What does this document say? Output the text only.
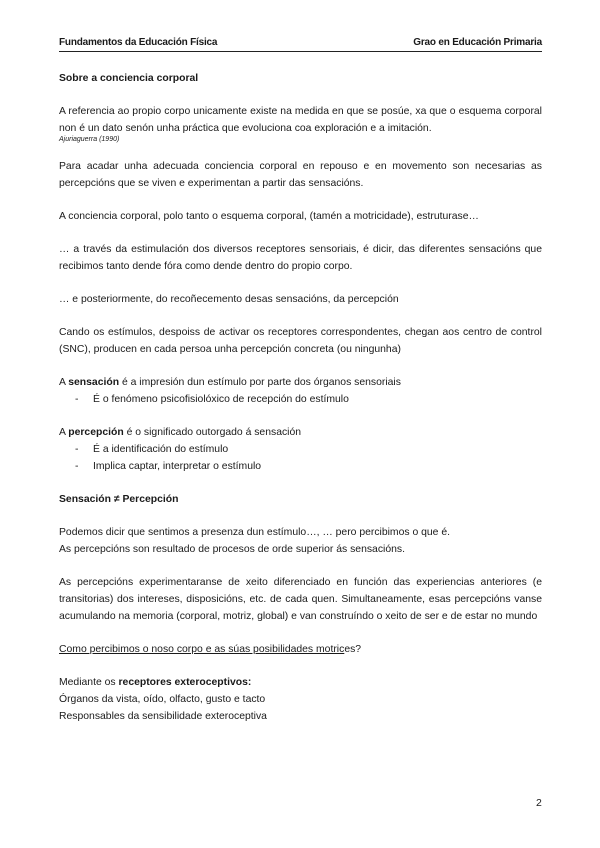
Fundamentos da Educación Física	Grao en Educación Primaria

Sobre a conciencia corporal

A referencia ao propio corpo unicamente existe na medida en que se posúe, xa que o esquema corporal non é un dato senón unha práctica que evoluciona coa exploración e a imitación.
Ajuriaguerra (1990)

Para acadar unha adecuada conciencia corporal en repouso e en movemento son necesarias as percepcións que se viven e experimentan a partir das sensacións.

A conciencia corporal, polo tanto o esquema corporal, (tamén a motricidade), estruturase…

… a través da estimulación dos diversos receptores sensoriais, é dicir, das diferentes sensacións que recibimos tanto dende fóra como dende dentro do propio corpo.

… e posteriormente, do recoñecemento desas sensacións, da percepción

Cando os estímulos, despoiss de activar os receptores correspondentes, chegan aos centro de control (SNC), producen en cada persoa unha percepción concreta (ou ningunha)

A sensación é a impresión dun estímulo por parte dos órganos sensoriais

- É o fenómeno psicofisiolóxico de recepción do estímulo

A percepción é o significado outorgado á sensación

- É a identificación do estímulo
- Implica captar, interpretar o estímulo

Sensación ≠ Percepción

Podemos dicir que sentimos a presenza dun estímulo…, … pero percibimos o que é.

As percepcións son resultado de procesos de orde superior ás sensacións.

As percepcións experimentaranse de xeito diferenciado en función das experiencias anteriores (e transitorias) dos intereses, disposicións, etc. de cada quen. Simultaneamente, esas percepcións vanse acumulando na memoria (corporal, motriz, global) e van construíndo o xeito de ser e de estar no mundo

Como percibimos o noso corpo e as súas posibilidades motrices?

Mediante os receptores exteroceptivos:

Órganos da vista, oído, olfacto, gusto e tacto

Responsables da sensibilidade exteroceptiva

2
